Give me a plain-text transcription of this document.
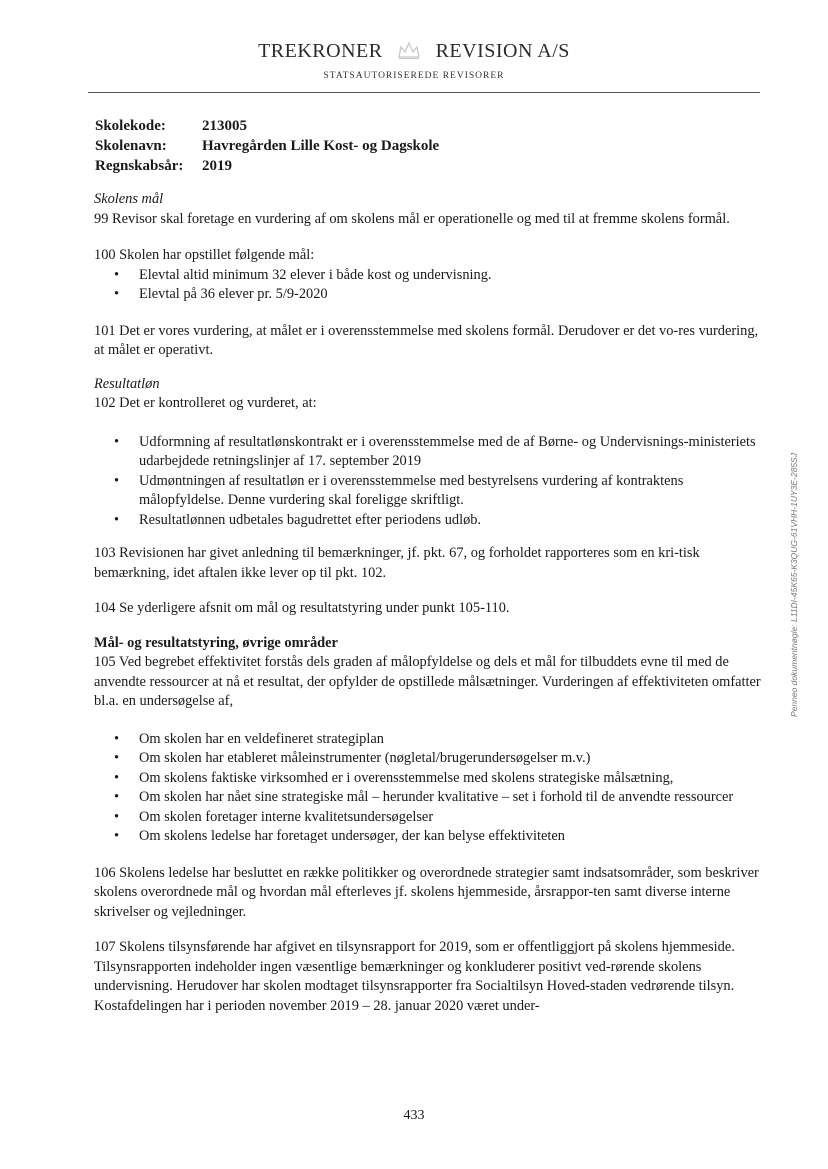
TREKRONER	REVISION A/S
STATSAUTORISEREDE REVISORER
Skolekode:	213005
Skolenavn:	Havregården Lille Kost- og Dagskole
Regnskabsår:	2019

Skolens mål

99 Revisor skal foretage en vurdering af om skolens mål er operationelle og med til at fremme skolens formål.

100 Skolen har opstillet følgende mål:

• Elevtal altid minimum 32 elever i både kost og undervisning.
• Elevtal på 36 elever pr. 5/9-2020

101 Det er vores vurdering, at målet er i overensstemmelse med skolens formål. Derudover er det vo-res vurdering, at målet er operativt.

Resultatløn

102 Det er kontrolleret og vurderet, at:

• Udformning af resultatlønskontrakt er i overensstemmelse med de af Børne- og Undervisnings-ministeriets udarbejdede retningslinjer af 17. september 2019
• Udmøntningen af resultatløn er i overensstemmelse med bestyrelsens vurdering af kontraktens målopfyldelse. Denne vurdering skal foreligge skriftligt.
• Resultatlønnen udbetales bagudrettet efter periodens udløb.

103 Revisionen har givet anledning til bemærkninger, jf. pkt. 67, og forholdet rapporteres som en kri-tisk bemærkning, idet aftalen ikke lever op til pkt. 102.

104 Se yderligere afsnit om mål og resultatstyring under punkt 105-110.

Mål- og resultatstyring, øvrige områder

105 Ved begrebet effektivitet forstås dels graden af målopfyldelse og dels et mål for tilbuddets evne til med de anvendte ressourcer at nå et resultat, der opfylder de opstillede målsætninger. Vurderingen af effektiviteten omfatter bl.a. en undersøgelse af,

• Om skolen har en veldefineret strategiplan
• Om skolen har etableret måleinstrumenter (nøgletal/brugerundersøgelser m.v.)
• Om skolens faktiske virksomhed er i overensstemmelse med skolens strategiske målsætning,
• Om skolen har nået sine strategiske mål – herunder kvalitative – set i forhold til de anvendte ressourcer
• Om skolen foretager interne kvalitetsundersøgelser
• Om skolens ledelse har foretaget undersøger, der kan belyse effektiviteten

106 Skolens ledelse har besluttet en række politikker og overordnede strategier samt indsatsområder, som beskriver skolens overordnede mål og hvordan mål efterleves jf. skolens hjemmeside, årsrappor-ten samt diverse interne skrivelser og vejledninger.

107 Skolens tilsynsførende har afgivet en tilsynsrapport for 2019, som er offentliggjort på skolens hjemmeside. Tilsynsrapporten indeholder ingen væsentlige bemærkninger og konkluderer positivt ved-rørende skolens undervisning. Herudover har skolen modtaget tilsynsrapporter fra Socialtilsyn Hoved-staden vedrørende tilsyn. Kostafdelingen har i perioden november 2019 – 28. januar 2020 været under-

Penneo dokumentnøgle: L11DI-45K65-K3QUG-61VHH-1UY3E-285SJ
433
